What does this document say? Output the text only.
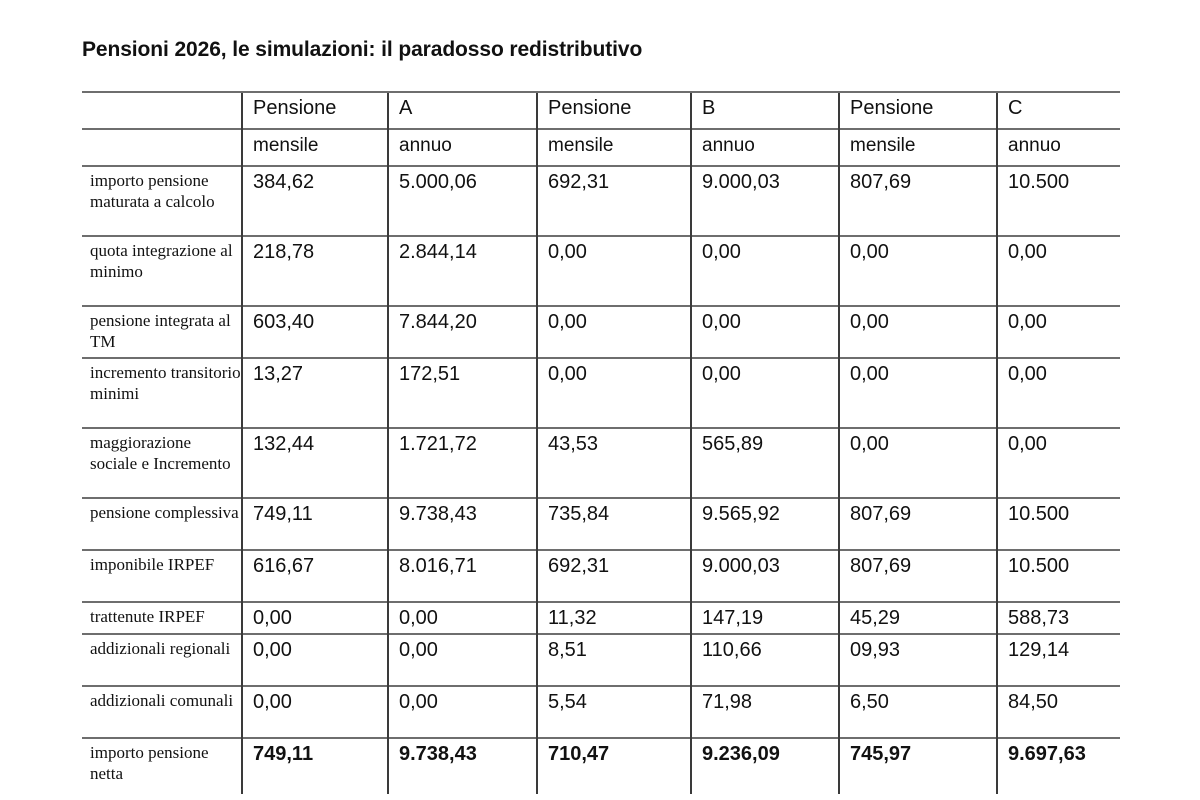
Pensioni 2026, le simulazioni: il paradosso redistributivo
	Pensione	A	Pensione	B	Pensione	C
	mensile	annuo	mensile	annuo	mensile	annuo
importo pensione maturata a calcolo	384,62	5.000,06	692,31	9.000,03	807,69	10.500
quota integrazione al minimo	218,78	2.844,14	0,00	0,00	0,00	0,00
pensione integrata al TM	603,40	7.844,20	0,00	0,00	0,00	0,00
incremento transitorio minimi	13,27	172,51	0,00	0,00	0,00	0,00
maggiorazione sociale e Incremento	132,44	1.721,72	43,53	565,89	0,00	0,00
pensione complessiva	749,11	9.738,43	735,84	9.565,92	807,69	10.500
imponibile IRPEF	616,67	8.016,71	692,31	9.000,03	807,69	10.500
trattenute IRPEF	0,00	0,00	11,32	147,19	45,29	588,73
addizionali regionali	0,00	0,00	8,51	110,66	09,93	129,14
addizionali comunali	0,00	0,00	5,54	71,98	6,50	84,50
importo pensione netta	749,11	9.738,43	710,47	9.236,09	745,97	9.697,63
